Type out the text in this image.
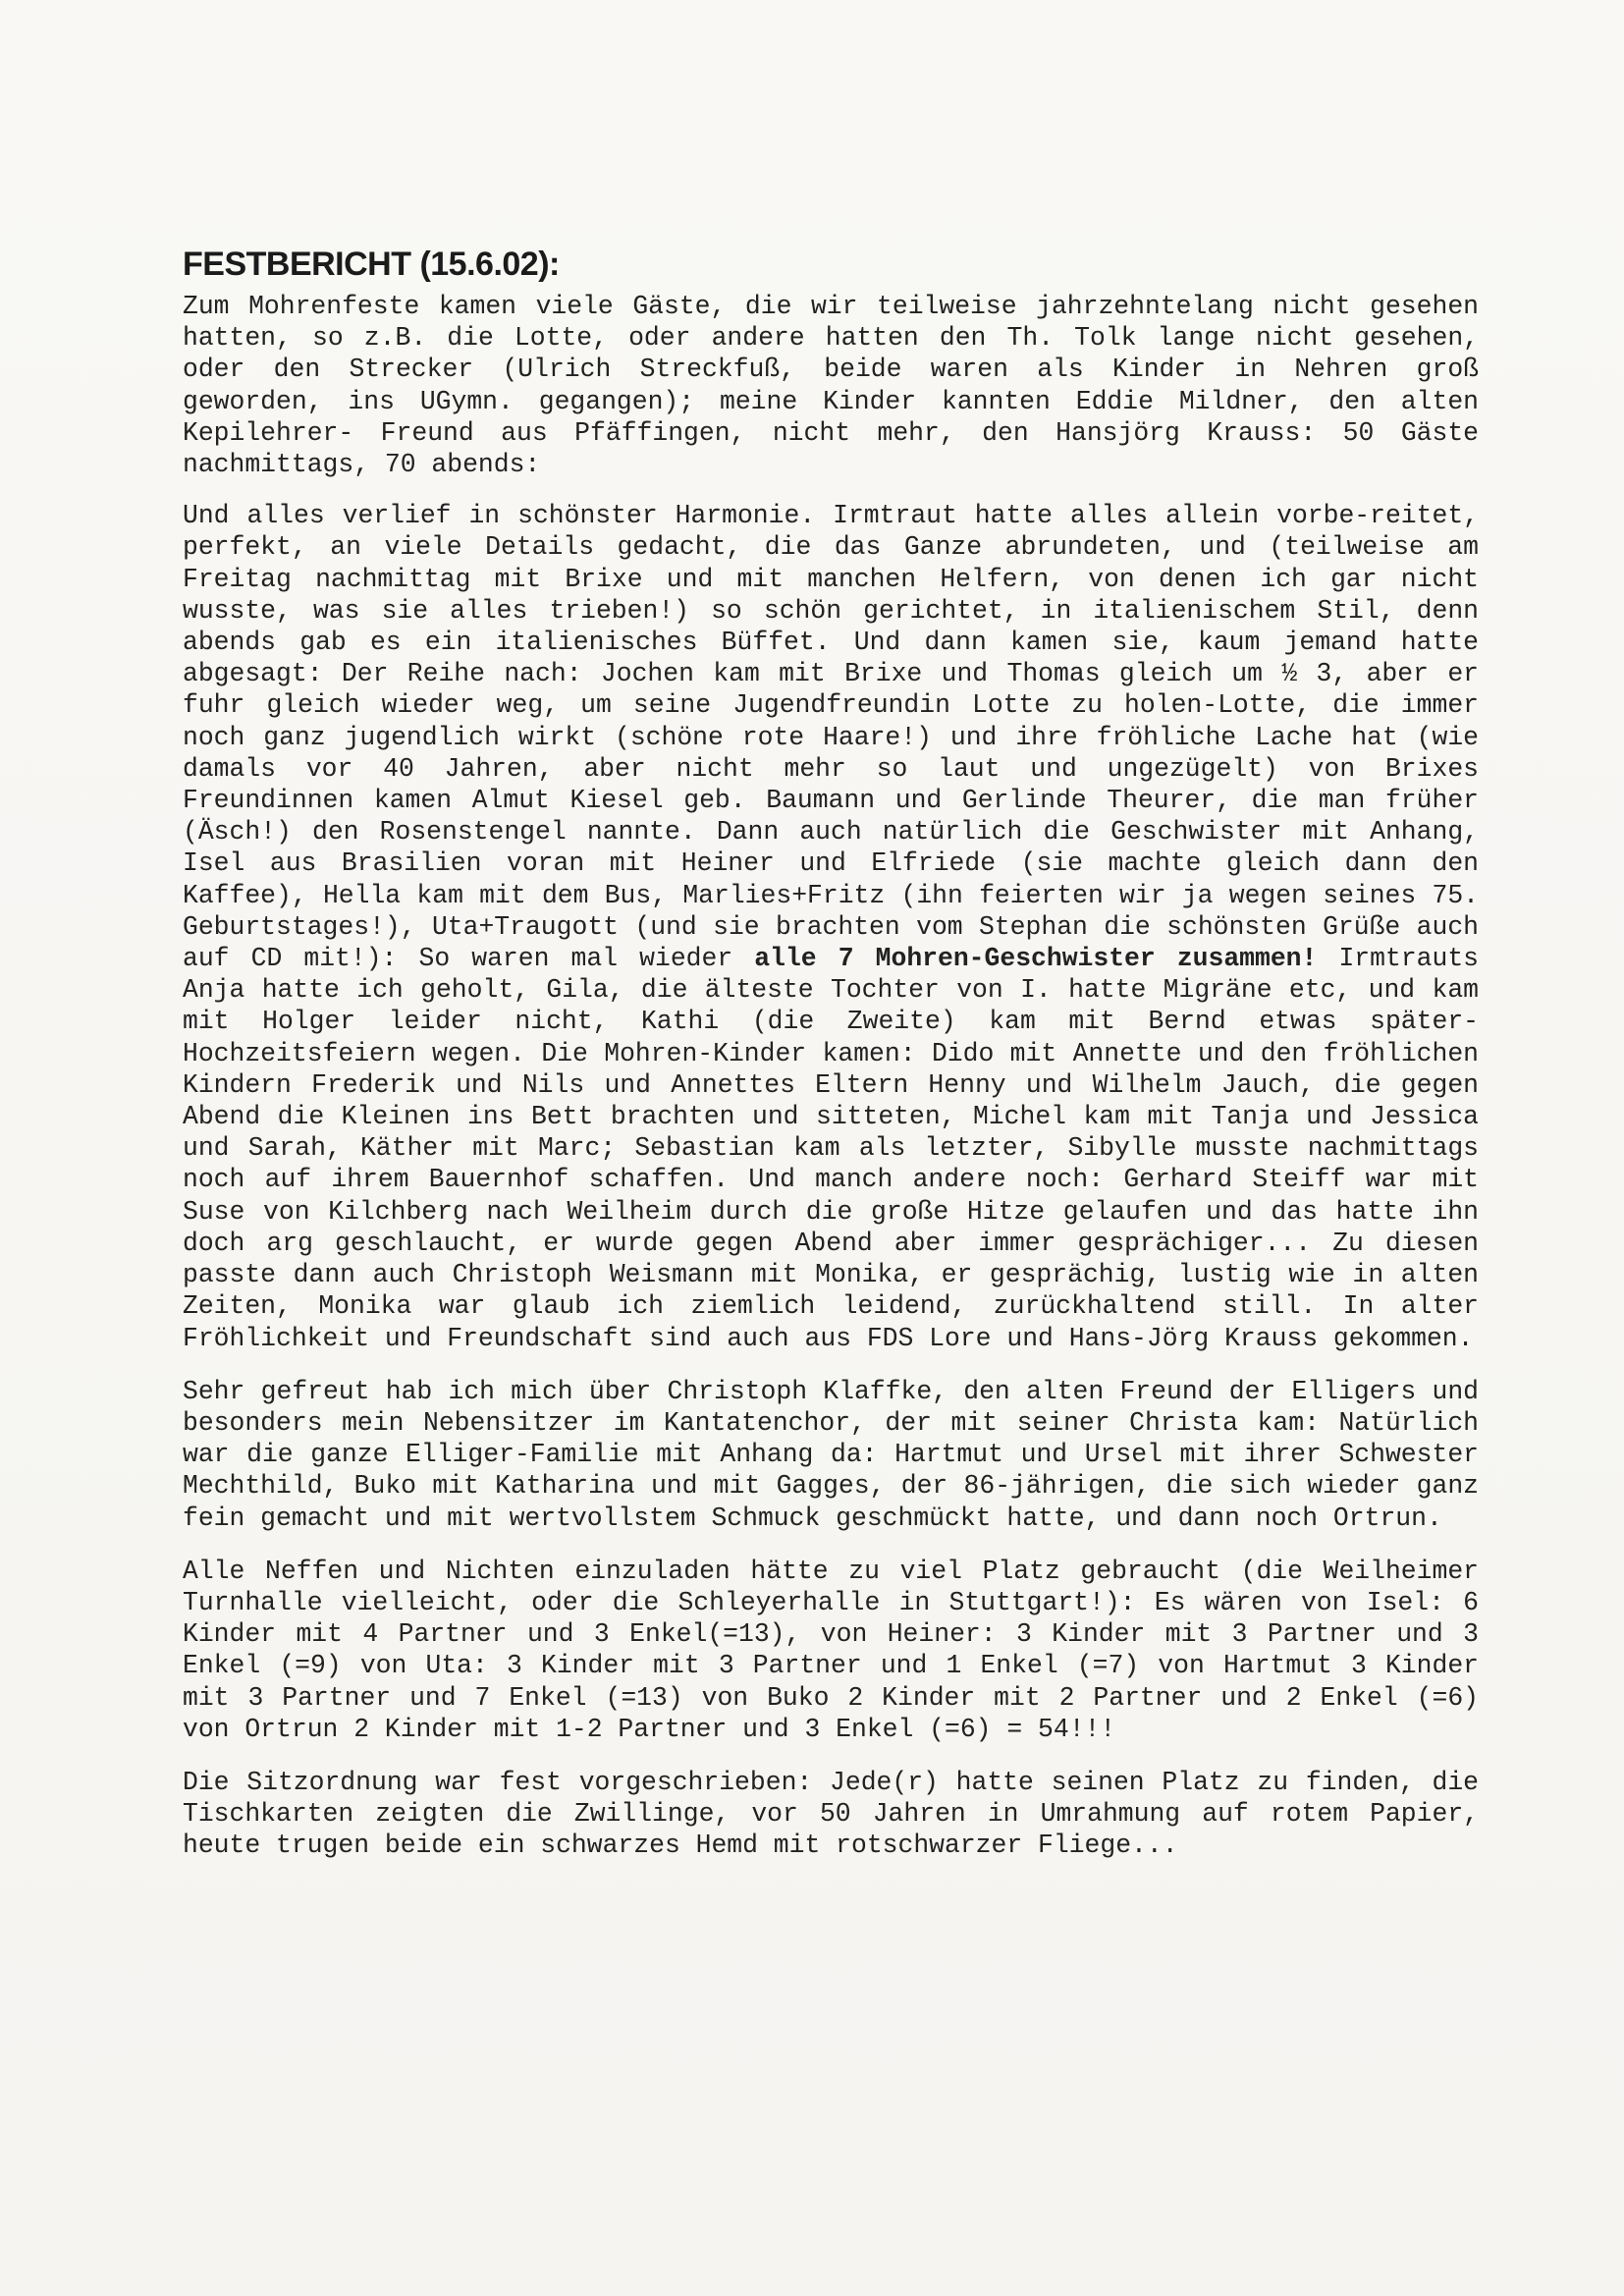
FESTBERICHT (15.6.02):

Zum Mohrenfeste kamen viele Gäste, die wir teilweise jahrzehntelang nicht gesehen hatten, so z.B. die Lotte, oder andere hatten den Th. Tolk lange nicht gesehen, oder den Strecker (Ulrich Streckfuß, beide waren als Kinder in Nehren groß geworden, ins UGymn. gegangen); meine Kinder kannten Eddie Mildner, den alten Kepilehrer- Freund aus Pfäffingen, nicht mehr, den Hansjörg Krauss: 50 Gäste nachmittags, 70 abends:

Und alles verlief in schönster Harmonie. Irmtraut hatte alles allein vorbe-reitet, perfekt, an viele Details gedacht, die das Ganze abrundeten, und (teilweise am Freitag nachmittag mit Brixe und mit manchen Helfern, von denen ich gar nicht wusste, was sie alles trieben!) so schön gerichtet, in italienischem Stil, denn abends gab es ein italienisches Büffet. Und dann kamen sie, kaum jemand hatte abgesagt: Der Reihe nach: Jochen kam mit Brixe und Thomas gleich um ½ 3, aber er fuhr gleich wieder weg, um seine Jugendfreundin Lotte zu holen-Lotte, die immer noch ganz jugendlich wirkt (schöne rote Haare!) und ihre fröhliche Lache hat (wie damals vor 40 Jahren, aber nicht mehr so laut und ungezügelt) von Brixes Freundinnen kamen Almut Kiesel geb. Baumann und Gerlinde Theurer, die man früher (Äsch!) den Rosenstengel nannte. Dann auch natürlich die Geschwister mit Anhang, Isel aus Brasilien voran mit Heiner und Elfriede (sie machte gleich dann den Kaffee), Hella kam mit dem Bus, Marlies+Fritz (ihn feierten wir ja wegen seines 75. Geburtstages!), Uta+Traugott (und sie brachten vom Stephan die schönsten Grüße auch auf CD mit!): So waren mal wieder alle 7 Mohren-Geschwister zusammen! Irmtrauts Anja hatte ich geholt, Gila, die älteste Tochter von I. hatte Migräne etc, und kam mit Holger leider nicht, Kathi (die Zweite) kam mit Bernd etwas später-Hochzeitsfeiern wegen. Die Mohren-Kinder kamen: Dido mit Annette und den fröhlichen Kindern Frederik und Nils und Annettes Eltern Henny und Wilhelm Jauch, die gegen Abend die Kleinen ins Bett brachten und sitteten, Michel kam mit Tanja und Jessica und Sarah, Käther mit Marc; Sebastian kam als letzter, Sibylle musste nachmittags noch auf ihrem Bauernhof schaffen. Und manch andere noch: Gerhard Steiff war mit Suse von Kilchberg nach Weilheim durch die große Hitze gelaufen und das hatte ihn doch arg geschlaucht, er wurde gegen Abend aber immer gesprächiger... Zu diesen passte dann auch Christoph Weismann mit Monika, er gesprächig, lustig wie in alten Zeiten, Monika war glaub ich ziemlich leidend, zurückhaltend still. In alter Fröhlichkeit und Freundschaft sind auch aus FDS Lore und Hans-Jörg Krauss gekommen.

Sehr gefreut hab ich mich über Christoph Klaffke, den alten Freund der Elligers und besonders mein Nebensitzer im Kantatenchor, der mit seiner Christa kam: Natürlich war die ganze Elliger-Familie mit Anhang da: Hartmut und Ursel mit ihrer Schwester Mechthild, Buko mit Katharina und mit Gagges, der 86-jährigen, die sich wieder ganz fein gemacht und mit wertvollstem Schmuck geschmückt hatte, und dann noch Ortrun.

Alle Neffen und Nichten einzuladen hätte zu viel Platz gebraucht (die Weilheimer Turnhalle vielleicht, oder die Schleyerhalle in Stuttgart!): Es wären von Isel: 6 Kinder mit 4 Partner und 3 Enkel(=13), von Heiner: 3 Kinder mit 3 Partner und 3 Enkel (=9) von Uta: 3 Kinder mit 3 Partner und 1 Enkel (=7) von Hartmut 3 Kinder mit 3 Partner und 7 Enkel (=13) von Buko 2 Kinder mit 2 Partner und 2 Enkel (=6) von Ortrun 2 Kinder mit 1-2 Partner und 3 Enkel (=6) = 54!!!

Die Sitzordnung war fest vorgeschrieben: Jede(r) hatte seinen Platz zu finden, die Tischkarten zeigten die Zwillinge, vor 50 Jahren in Umrahmung auf rotem Papier, heute trugen beide ein schwarzes Hemd mit rotschwarzer Fliege...
